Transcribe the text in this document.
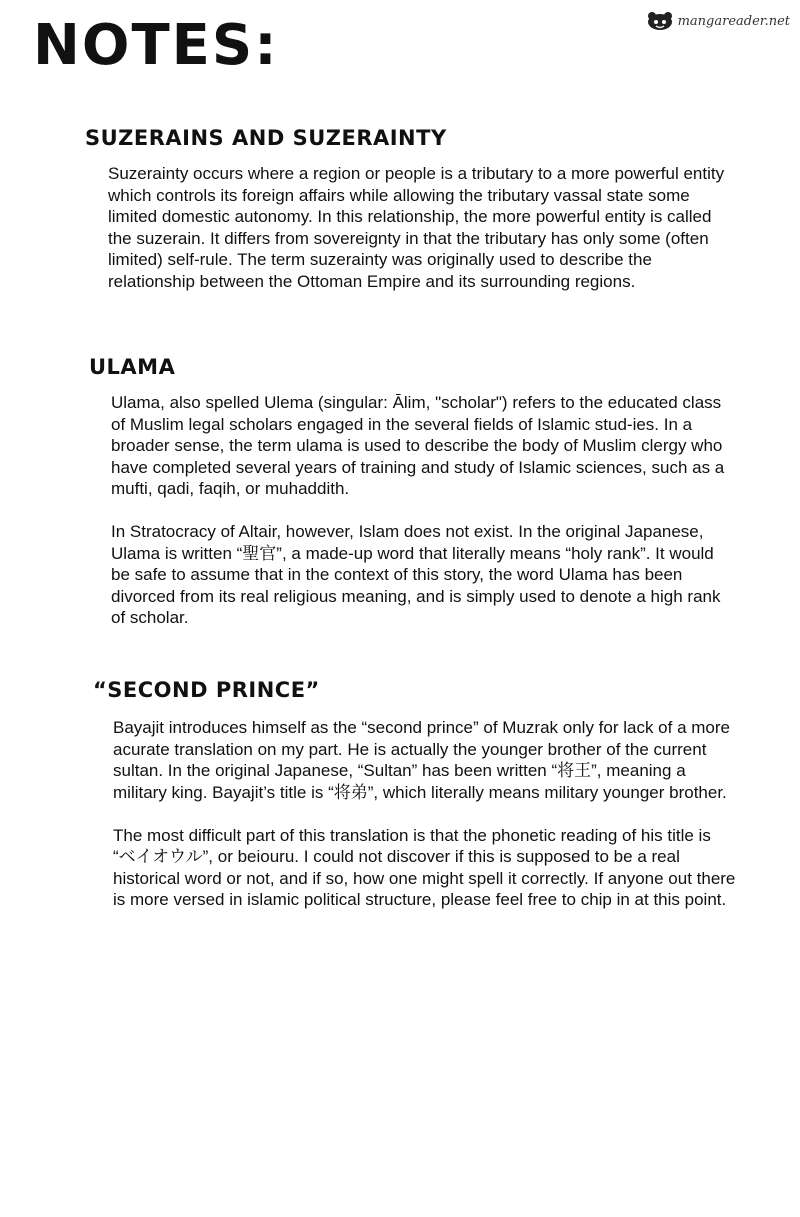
NOTES:	mangareader.net
SUZERAINS AND SUZERAINTY

Suzerainty occurs where a region or people is a tributary to a more powerful entity which controls its foreign affairs while allowing the tributary vassal state some limited domestic autonomy. In this relationship, the more powerful entity is called the suzerain. It differs from sovereignty in that the tributary has only some (often limited) self-rule. The term suzerainty was originally used to describe the relationship between the Ottoman Empire and its surrounding regions.

ULAMA

Ulama, also spelled Ulema (singular: Ālim, "scholar") refers to the educated class of Muslim legal scholars engaged in the several fields of Islamic stud-ies. In a broader sense, the term ulama is used to describe the body of Muslim clergy who have completed several years of training and study of Islamic sciences, such as a mufti, qadi, faqih, or muhaddith.

In Stratocracy of Altair, however, Islam does not exist. In the original Japanese, Ulama is written “聖官”, a made-up word that literally means “holy rank”. It would be safe to assume that in the context of this story, the word Ulama has been divorced from its real religious meaning, and is simply used to denote a high rank of scholar.

“SECOND PRINCE”

Bayajit introduces himself as the “second prince” of Muzrak only for lack of a more acurate translation on my part. He is actually the younger brother of the current sultan. In the original Japanese, “Sultan” has been written “将王”, meaning a military king. Bayajit’s title is “将弟”, which literally means military younger brother.

The most difficult part of this translation is that the phonetic reading of his title is “ベイオウル”, or beiouru. I could not discover if this is supposed to be a real historical word or not, and if so, how one might spell it correctly. If anyone out there is more versed in islamic political structure, please feel free to chip in at this point.
